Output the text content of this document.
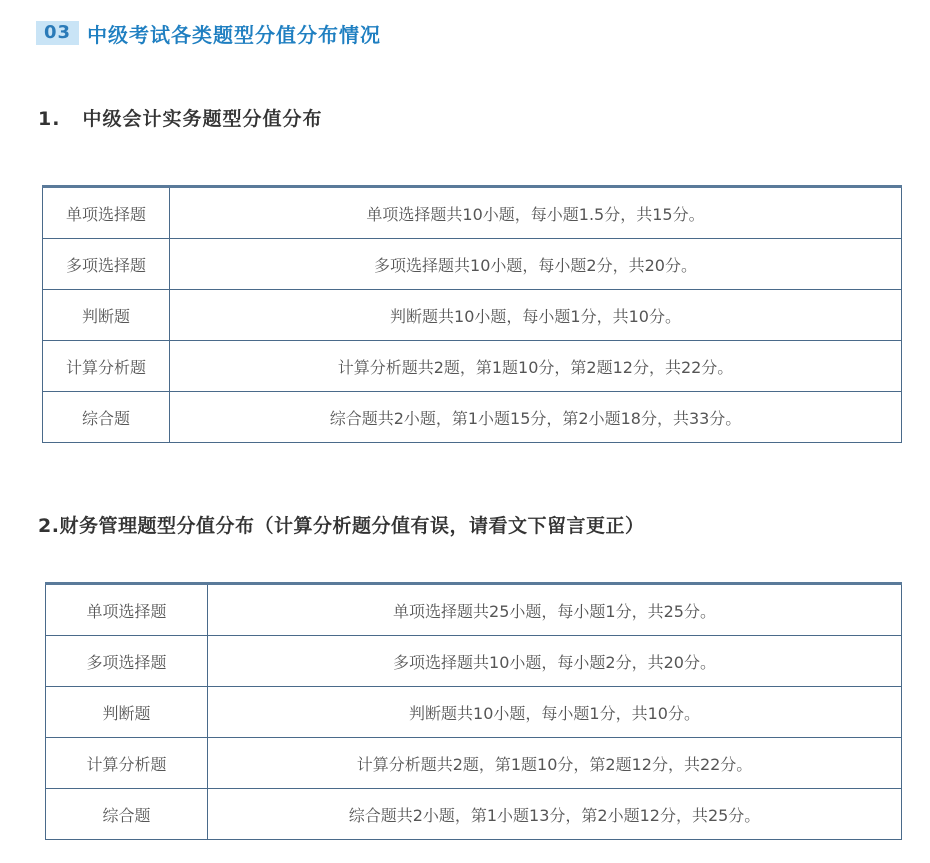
03 中级考试各类题型分值分布情况
1. 中级会计实务题型分值分布
单项选择题	单项选择题共10小题，每小题1.5分，共15分。
多项选择题	多项选择题共10小题，每小题2分，共20分。
判断题	判断题共10小题，每小题1分，共10分。
计算分析题	计算分析题共2题，第1题10分，第2题12分，共22分。
综合题	综合题共2小题，第1小题15分，第2小题18分，共33分。
2.财务管理题型分值分布（计算分析题分值有误，请看文下留言更正）
单项选择题	单项选择题共25小题，每小题1分，共25分。
多项选择题	多项选择题共10小题，每小题2分，共20分。
判断题	判断题共10小题，每小题1分，共10分。
计算分析题	计算分析题共2题，第1题10分，第2题12分，共22分。
综合题	综合题共2小题，第1小题13分，第2小题12分，共25分。
